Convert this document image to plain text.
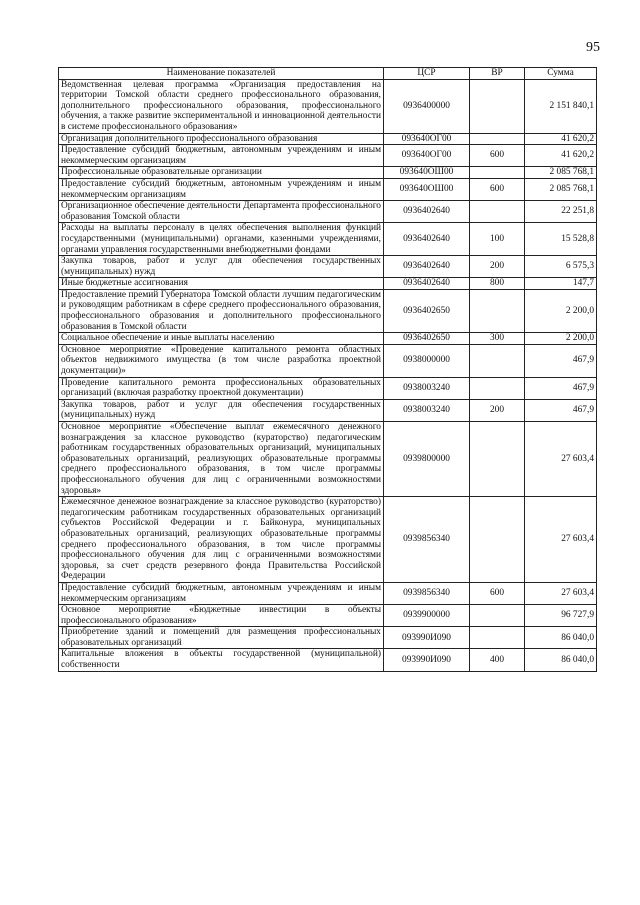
95
Наименование показателей	ЦСР	ВР	Сумма
Ведомственная целевая программа «Организация предоставления на территории Томской области среднего профессионального образования, дополнительного профессионального образования, профессионального обучения, а также развитие экспериментальной и инновационной деятельности в системе профессионального образования»	0936400000		2 151 840,1
Организация дополнительного профессионального образования	093640ОГ00		41 620,2
Предоставление субсидий бюджетным, автономным учреждениям и иным некоммерческим организациям	093640ОГ00	600	41 620,2
Профессиональные образовательные организации	093640ОШ00		2 085 768,1
Предоставление субсидий бюджетным, автономным учреждениям и иным некоммерческим организациям	093640ОШ00	600	2 085 768,1
Организационное обеспечение деятельности Департамента профессионального образования Томской области	0936402640		22 251,8
Расходы на выплаты персоналу в целях обеспечения выполнения функций государственными (муниципальными) органами, казенными учреждениями, органами управления государственными внебюджетными фондами	0936402640	100	15 528,8
Закупка товаров, работ и услуг для обеспечения государственных (муниципальных) нужд	0936402640	200	6 575,3
Иные бюджетные ассигнования	0936402640	800	147,7
Предоставление премий Губернатора Томской области лучшим педагогическим и руководящим работникам в сфере среднего профессионального образования, профессионального образования и дополнительного профессионального образования в Томской области	0936402650		2 200,0
Социальное обеспечение и иные выплаты населению	0936402650	300	2 200,0
Основное мероприятие «Проведение капитального ремонта областных объектов недвижимого имущества (в том числе разработка проектной документации)»	0938000000		467,9
Проведение капитального ремонта профессиональных образовательных организаций (включая разработку проектной документации)	0938003240		467,9
Закупка товаров, работ и услуг для обеспечения государственных (муниципальных) нужд	0938003240	200	467,9
Основное мероприятие «Обеспечение выплат ежемесячного денежного вознаграждения за классное руководство (кураторство) педагогическим работникам государственных образовательных организаций, муниципальных образовательных организаций, реализующих образовательные программы среднего профессионального образования, в том числе программы профессионального обучения для лиц с ограниченными возможностями здоровья»	0939800000		27 603,4
Ежемесячное денежное вознаграждение за классное руководство (кураторство) педагогическим работникам государственных образовательных организаций субъектов Российской Федерации и г. Байконура, муниципальных образовательных организаций, реализующих образовательные программы среднего профессионального образования, в том числе программы профессионального обучения для лиц с ограниченными возможностями здоровья, за счет средств резервного фонда Правительства Российской Федерации	0939856340		27 603,4
Предоставление субсидий бюджетным, автономным учреждениям и иным некоммерческим организациям	0939856340	600	27 603,4
Основное мероприятие «Бюджетные инвестиции в объекты профессионального образования»	0939900000		96 727,9
Приобретение зданий и помещений для размещения профессиональных образовательных организаций	093990И090		86 040,0
Капитальные вложения в объекты государственной (муниципальной) собственности	093990И090	400	86 040,0
